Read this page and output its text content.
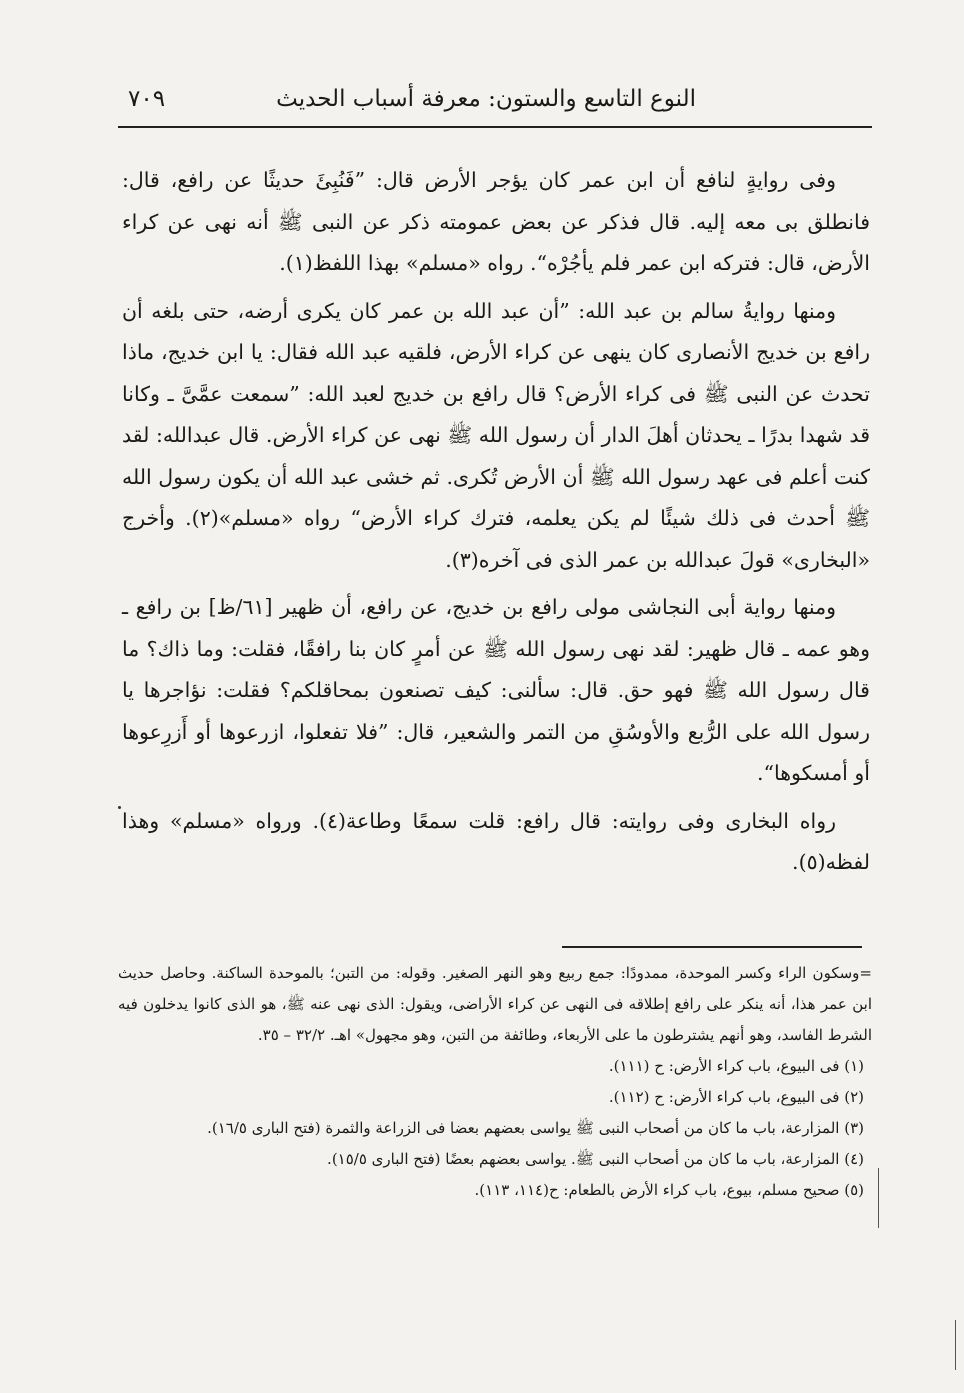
النوع التاسع والستون: معرفة أسباب الحديث
٧٠٩

وفى روايةٍ لنافع أن ابن عمر كان يؤجر الأرض قال: ”فَنُبِئَ حديثًا عن رافع، قال: فانطلق بى معه إليه. قال فذكر عن بعض عمومته ذكر عن النبى ﷺ أنه نهى عن كراء الأرض، قال: فتركه ابن عمر فلم يأجُرْه“. رواه «مسلم» بهذا اللفظ(١).

ومنها روايةُ سالم بن عبد الله: ”أن عبد الله بن عمر كان يكرى أرضه، حتى بلغه أن رافع بن خديج الأنصارى كان ينهى عن كراء الأرض، فلقيه عبد الله فقال: يا ابن خديج، ماذا تحدث عن النبى ﷺ فى كراء الأرض؟ قال رافع بن خديج لعبد الله: ”سمعت عمَّىَّ ـ وكانا قد شهدا بدرًا ـ يحدثان أهلَ الدار أن رسول الله ﷺ نهى عن كراء الأرض. قال عبدالله: لقد كنت أعلم فى عهد رسول الله ﷺ أن الأرض تُكرى. ثم خشى عبد الله أن يكون رسول الله ﷺ أحدث فى ذلك شيئًا لم يكن يعلمه، فترك كراء الأرض“ رواه «مسلم»(٢). وأخرج «البخارى» قولَ عبدالله بن عمر الذى فى آخره(٣).

ومنها رواية أبى النجاشى مولى رافع بن خديج، عن رافع، أن ظهير [٦١/ظ] بن رافع ـ وهو عمه ـ قال ظهير: لقد نهى رسول الله ﷺ عن أمرٍ كان بنا رافقًا، فقلت: وما ذاك؟ ما قال رسول الله ﷺ فهو حق. قال: سألنى: كيف تصنعون بمحاقلكم؟ فقلت: نؤاجرها يا رسول الله على الرُّبع والأوسُقِ من التمر والشعير، قال: ”فلا تفعلوا، ازرعوها أو أَزرِعوها أو أمسكوها“.

رواه البخارى وفى روايته: قال رافع: قلت سمعًا وطاعة(٤). ورواه «مسلم» وهذا لفظه(٥).

=وسكون الراء وكسر الموحدة، ممدودًا: جمع ربيع وهو النهر الصغير. وقوله: من التبن؛ بالموحدة الساكنة. وحاصل حديث ابن عمر هذا، أنه ينكر على رافع إطلاقه فى النهى عن كراء الأراضى، ويقول: الذى نهى عنه ﷺ، هو الذى كانوا يدخلون فيه الشرط الفاسد، وهو أنهم يشترطون ما على الأربعاء، وطائفة من التبن، وهو مجهول» اهـ. ٣٢/٢ – ٣٥.

(١) فى البيوع، باب كراء الأرض: ح (١١١).

(٢) فى البيوع، باب كراء الأرض: ح (١١٢).

(٣) المزارعة، باب ما كان من أصحاب النبى ﷺ يواسى بعضهم بعضا فى الزراعة والثمرة (فتح البارى ١٦/٥).

(٤) المزارعة، باب ما كان من أصحاب النبى ﷺ. يواسى بعضهم بعضًا (فتح البارى ١٥/٥).

(٥) صحيح مسلم، بيوع، باب كراء الأرض بالطعام: ح(١١٤، ١١٣).
